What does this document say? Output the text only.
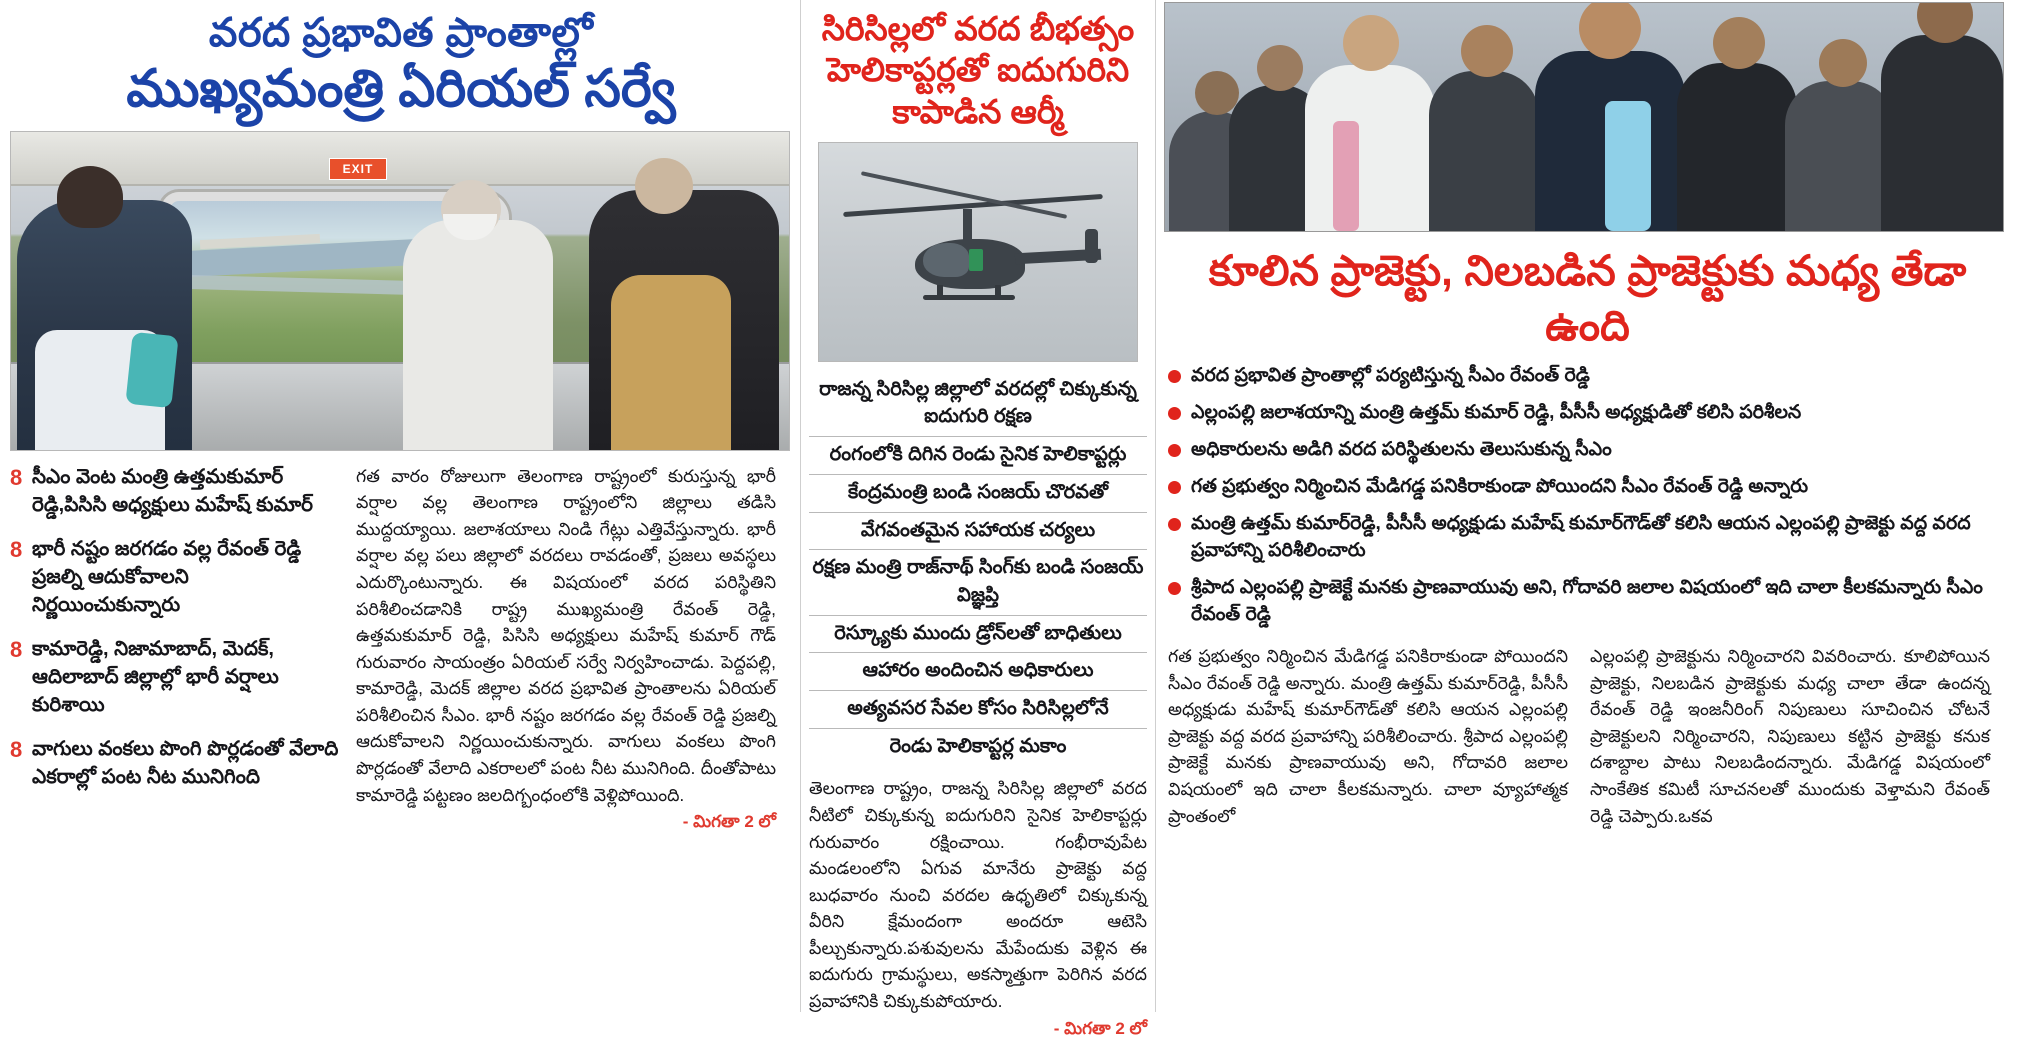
వరద ప్రభావిత ప్రాంతాల్లో
ముఖ్యమంత్రి ఏరియల్ సర్వే
EXIT
8 సీఎం వెంట మంత్రి ఉత్తమకుమార్ రెడ్డి,పిసిసి అధ్యక్షులు మహేష్ కుమార్
8 భారీ నష్టం జరగడం వల్ల రేవంత్ రెడ్డి ప్రజల్ని ఆదుకోవాలని నిర్ణయించుకున్నారు
8 కామారెడ్డి, నిజామాబాద్, మెదక్, ఆదిలాబాద్ జిల్లాల్లో భారీ వర్షాలు కురిశాయి
8 వాగులు వంకలు పొంగి పొర్లడంతో వేలాది ఎకరాల్లో పంట నీట మునిగింది
గత వారం రోజులుగా తెలంగాణ రాష్ట్రంలో కురుస్తున్న భారీ వర్షాల వల్ల తెలంగాణ రాష్ట్రంలోని జిల్లాలు తడిసి ముద్దయ్యాయి. జలాశయాలు నిండి గేట్లు ఎత్తివేస్తున్నారు. భారీ వర్షాల వల్ల పలు జిల్లాలో వరదలు రావడంతో, ప్రజలు అవస్థలు ఎదుర్కొంటున్నారు. ఈ విషయంలో వరద పరిస్థితిని పరిశీలించడానికి రాష్ట్ర ముఖ్యమంత్రి రేవంత్ రెడ్డి, ఉత్తమకుమార్ రెడ్డి, పిసిసి అధ్యక్షులు మహేష్ కుమార్ గౌడ్ గురువారం సాయంత్రం ఏరియల్ సర్వే నిర్వహించాడు. పెద్దపల్లి, కామారెడ్డి, మెదక్ జిల్లాల వరద ప్రభావిత ప్రాంతాలను ఏరియల్ పరిశీలించిన సీఎం. భారీ నష్టం జరగడం వల్ల రేవంత్ రెడ్డి ప్రజల్ని ఆదుకోవాలని నిర్ణయించుకున్నారు. వాగులు వంకలు పొంగి పొర్లడంతో వేలాది ఎకరాలలో పంట నీట మునిగింది. దీంతోపాటు కామారెడ్డి పట్టణం జలదిగ్బంధంలోకి వెళ్లిపోయింది.
- మిగతా 2 లో
సిరిసిల్లలో వరద బీభత్సం హెలికాప్టర్లతో ఐదుగురిని కాపాడిన ఆర్మీ
రాజన్న సిరిసిల్ల జిల్లాలో వరదల్లో చిక్కుకున్న ఐదుగురి రక్షణ
రంగంలోకి దిగిన రెండు సైనిక హెలికాప్టర్లు
కేంద్రమంత్రి బండి సంజయ్ చొరవతో
వేగవంతమైన సహాయక చర్యలు
రక్షణ మంత్రి రాజ్‌నాథ్ సింగ్‌కు బండి సంజయ్ విజ్ఞప్తి
రెస్క్యూకు ముందు డ్రోన్‌లతో బాధితులు
ఆహారం అందించిన అధికారులు
అత్యవసర సేవల కోసం సిరిసిల్లలోనే
రెండు హెలికాప్టర్ల మకాం
తెలంగాణ రాష్ట్రం, రాజన్న సిరిసిల్ల జిల్లాలో వరద నీటిలో చిక్కుకున్న ఐదుగురిని సైనిక హెలికాప్టర్లు గురువారం రక్షించాయి. గంభీరావుపేట మండలంలోని ఏగువ మానేరు ప్రాజెక్టు వద్ద బుధవారం నుంచి వరదల ఉధృతిలో చిక్కుకున్న వీరిని క్షేమందంగా అందరూ ఆటెసి పీల్చుకున్నారు.పశువులను మేపేందుకు వెళ్లిన ఈ ఐదుగురు గ్రామస్థులు, అకస్మాత్తుగా పెరిగిన వరద ప్రవాహానికి చిక్కుకుపోయారు.
- మిగతా 2 లో
కూలిన ప్రాజెక్టు, నిలబడిన ప్రాజెక్టుకు మధ్య తేడా ఉంది
వరద ప్రభావిత ప్రాంతాల్లో పర్యటిస్తున్న సీఎం రేవంత్ రెడ్డి
ఎల్లంపల్లి జలాశయాన్ని మంత్రి ఉత్తమ్ కుమార్ రెడ్డి, పీసీసీ అధ్యక్షుడితో కలిసి పరిశీలన
అధికారులను అడిగి వరద పరిస్థితులను తెలుసుకున్న సీఎం
గత ప్రభుత్వం నిర్మించిన మేడిగడ్డ పనికిరాకుండా పోయిందని సీఎం రేవంత్ రెడ్డి అన్నారు
మంత్రి ఉత్తమ్ కుమార్‌రెడ్డి, పీసీసీ అధ్యక్షుడు మహేష్ కుమార్‌గౌడ్‌తో కలిసి ఆయన ఎల్లంపల్లి ప్రాజెక్టు వద్ద వరద ప్రవాహాన్ని పరిశీలించారు
శ్రీపాద ఎల్లంపల్లి ప్రాజెక్టే మనకు ప్రాణవాయువు అని, గోదావరి జలాల విషయంలో ఇది చాలా కీలకమన్నారు సీఎం రేవంత్ రెడ్డి
గత ప్రభుత్వం నిర్మించిన మేడిగడ్డ పనికిరాకుండా పోయిందని సీఎం రేవంత్ రెడ్డి అన్నారు. మంత్రి ఉత్తమ్ కుమార్‌రెడ్డి, పీసీసీ అధ్యక్షుడు మహేష్ కుమార్‌గౌడ్‌తో కలిసి ఆయన ఎల్లంపల్లి ప్రాజెక్టు వద్ద వరద ప్రవాహాన్ని పరిశీలించారు. శ్రీపాద ఎల్లంపల్లి ప్రాజెక్టే మనకు ప్రాణవాయువు అని, గోదావరి జలాల విషయంలో ఇది చాలా కీలకమన్నారు. చాలా వ్యూహాత్మక ప్రాంతంలో
ఎల్లంపల్లి ప్రాజెక్టును నిర్మించారని వివరించారు. కూలిపోయిన ప్రాజెక్టు, నిలబడిన ప్రాజెక్టుకు మధ్య చాలా తేడా ఉందన్న రేవంత్ రెడ్డి ఇంజనీరింగ్ నిపుణులు సూచించిన చోటనే ప్రాజెక్టులని నిర్మించారని, నిపుణులు కట్టిన ప్రాజెక్టు కనుక దశాబ్దాల పాటు నిలబడిందన్నారు. మేడిగడ్డ విషయంలో సాంకేతిక కమిటీ సూచనలతో ముందుకు వెళ్తామని రేవంత్ రెడ్డి చెప్పారు.ఒకవ
